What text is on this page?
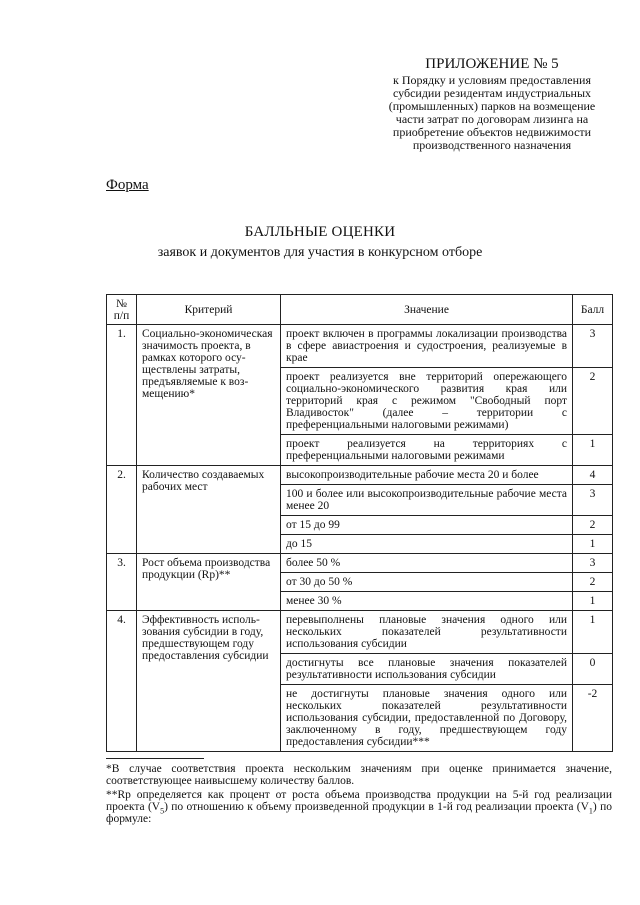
ПРИЛОЖЕНИЕ № 5
к Порядку и условиям предоставления
субсидии резидентам индустриальных
(промышленных) парков на возмещение
части затрат по договорам лизинга на
приобретение объектов недвижимости
производственного назначения
Форма
БАЛЛЬНЫЕ ОЦЕНКИ
заявок и документов для участия в конкурсном отборе
№ п/п	Критерий	Значение	Балл
1.	Социально-экономическая значимость проекта, в рамках которого осуществлены затраты, предъявляемые к возмещению*	проект включен в программы локализации производства в сфере авиастроения и судостроения, реализуемые в крае	3
		проект реализуется вне территорий опережающего социально-экономического развития края или территорий края с режимом "Свободный порт Владивосток" (далее – территории с преференциальными налоговыми режимами)	2
		проект реализуется на территориях с преференциальными налоговыми режимами	1
2.	Количество создаваемых рабочих мест	высокопроизводительные рабочие места 20 и более	4
		100 и более или высокопроизводительные рабочие места менее 20	3
		от 15 до 99	2
		до 15	1
3.	Рост объема производства продукции (Rp)**	более 50 %	3
		от 30 до 50 %	2
		менее 30 %	1
4.	Эффективность использования субсидии в году, предшествующем году предоставления субсидии	перевыполнены плановые значения одного или нескольких показателей результативности использования субсидии	1
		достигнуты все плановые значения показателей результативности использования субсидии	0
		не достигнуты плановые значения одного или нескольких показателей результативности использования субсидии, предоставленной по Договору, заключенному в году, предшествующем году предоставления субсидии***	-2
*В случае соответствия проекта нескольким значениям при оценке принимается значение, соответствующее наивысшему количеству баллов.
**Rp определяется как процент от роста объема производства продукции на 5-й год реализации проекта $(V_5)$ по отношению к объему произведенной продукции в 1-й год реализации проекта $(V_1)$ по формуле:
